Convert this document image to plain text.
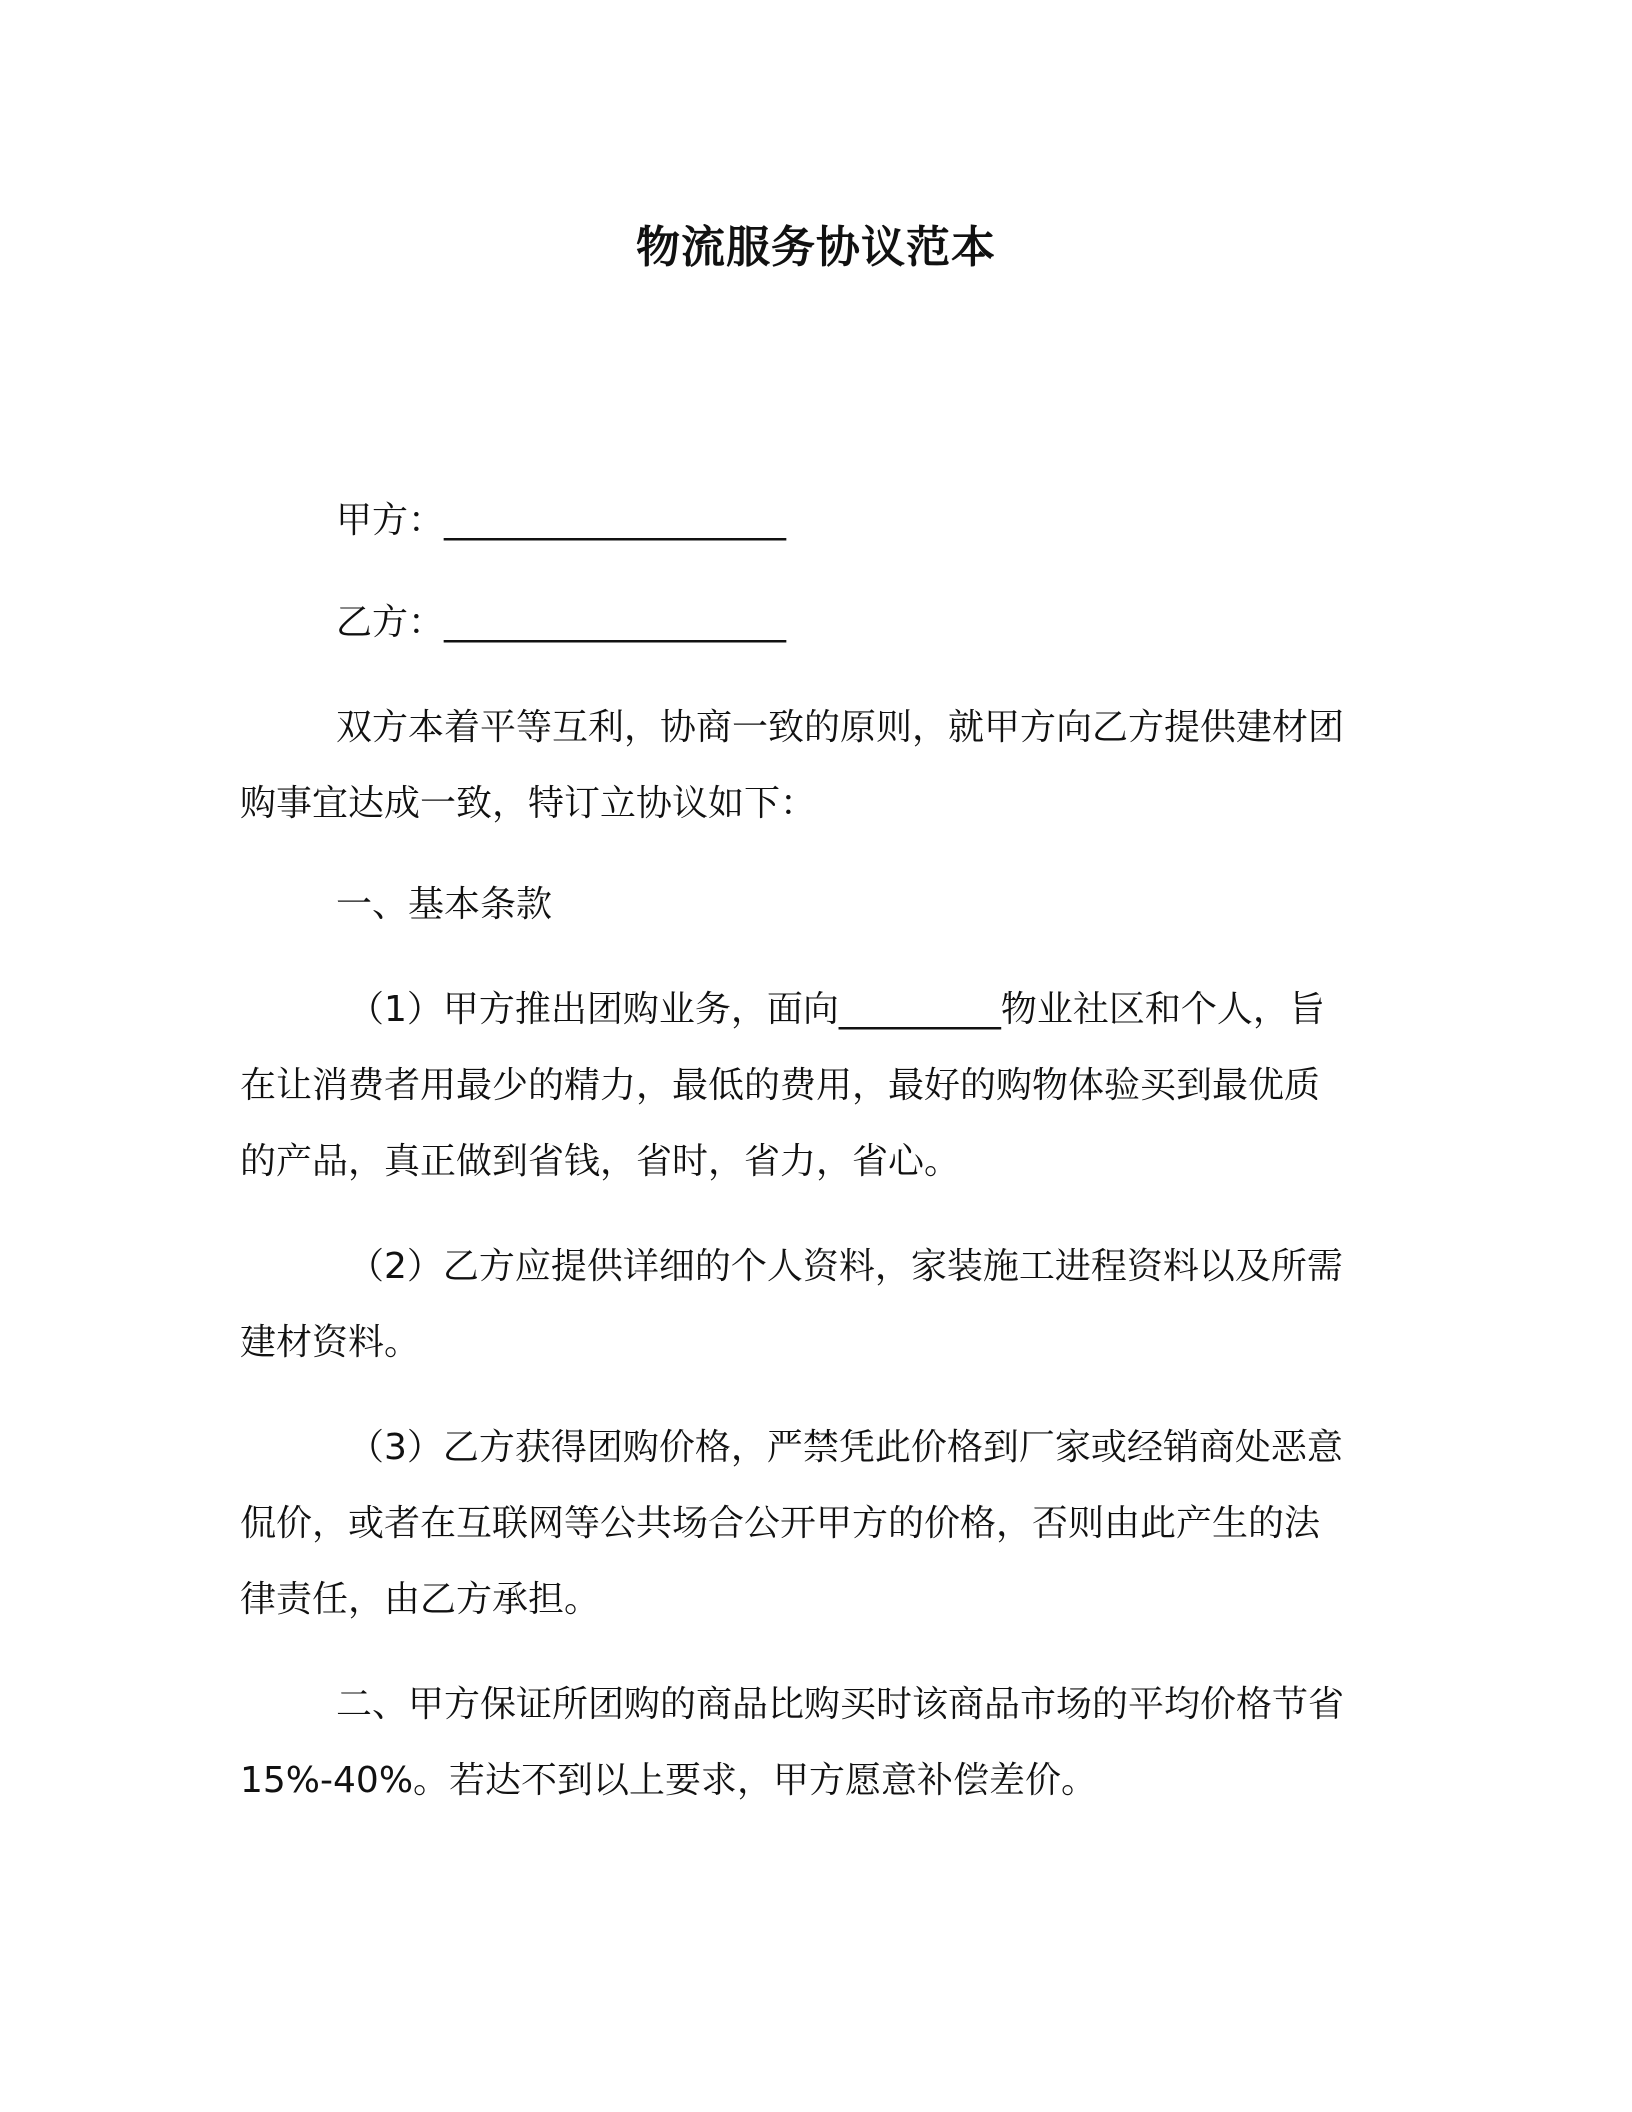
物流服务协议范本
甲方：___________________
乙方：___________________
双方本着平等互利，协商一致的原则，就甲方向乙方提供建材团
购事宜达成一致，特订立协议如下：
一、基本条款
（1）甲方推出团购业务，面向_________物业社区和个人，旨
在让消费者用最少的精力，最低的费用，最好的购物体验买到最优质
的产品，真正做到省钱，省时，省力，省心。
（2）乙方应提供详细的个人资料，家装施工进程资料以及所需
建材资料。
（3）乙方获得团购价格，严禁凭此价格到厂家或经销商处恶意
侃价，或者在互联网等公共场合公开甲方的价格，否则由此产生的法
律责任，由乙方承担。
二、甲方保证所团购的商品比购买时该商品市场的平均价格节省
15%-40%。若达不到以上要求，甲方愿意补偿差价。
